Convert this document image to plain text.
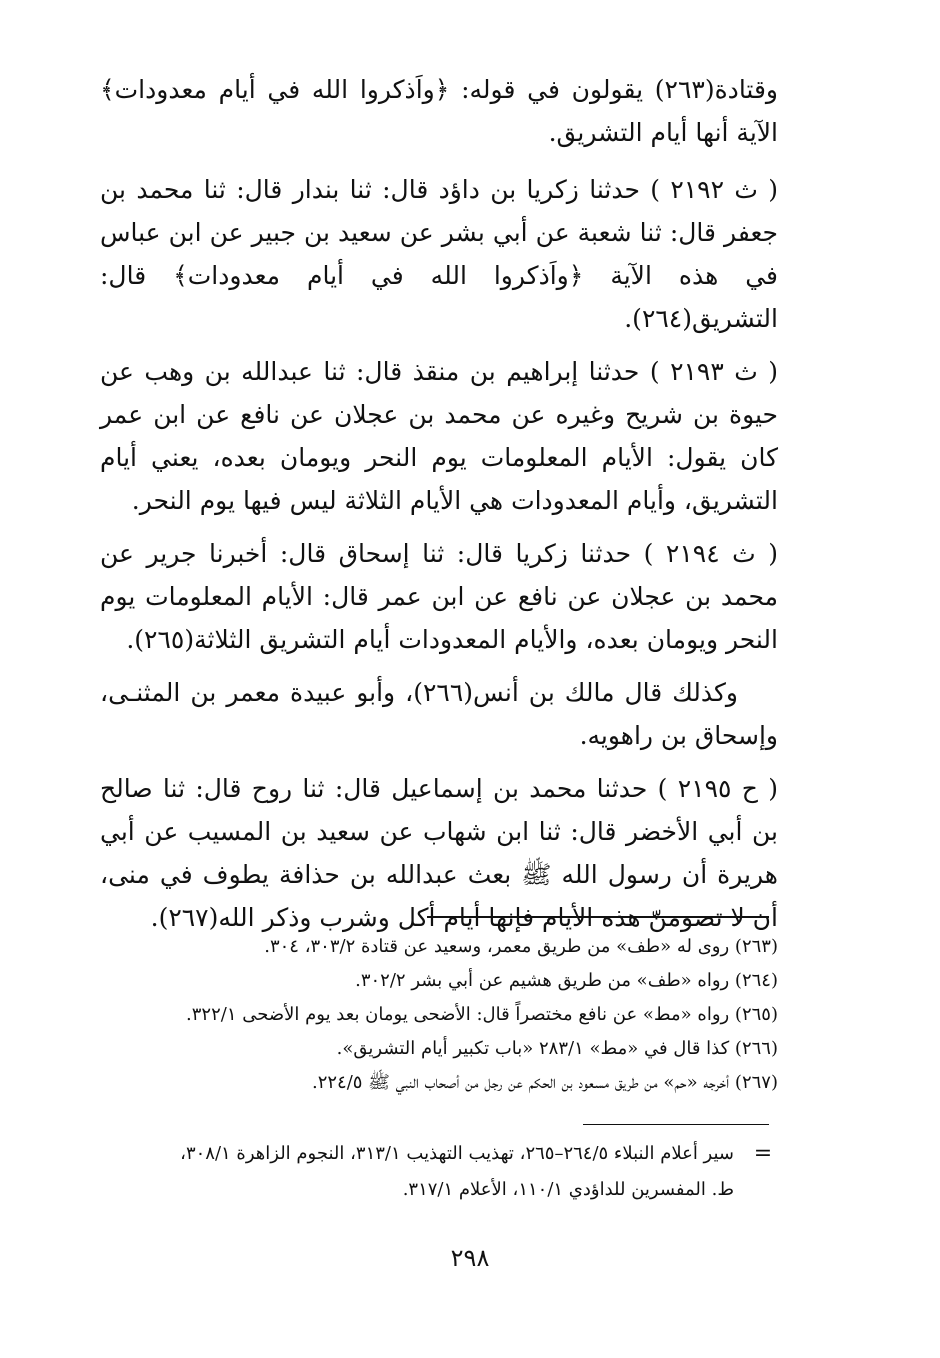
وقتادة(٢٦٣) يقولون في قوله: ﴿واَذكروا الله في أيام معدودات﴾ الآية أنها أيام التشريق.

( ث ٢١٩٢ ) حدثنا زكريا بن داؤد قال: ثنا بندار قال: ثنا محمد بن جعفر قال: ثنا شعبة عن أبي بشر عن سعيد بن جبير عن ابن عباس في هذه الآية ﴿واَذكروا الله في أيام معدودات﴾ قال: التشريق(٢٦٤).

( ث ٢١٩٣ ) حدثنا إبراهيم بن منقذ قال: ثنا عبدالله بن وهب عن حيوة بن شريح وغيره عن محمد بن عجلان عن نافع عن ابن عمر كان يقول: الأيام المعلومات يوم النحر ويومان بعده، يعني أيام التشريق، وأيام المعدودات هي الأيام الثلاثة ليس فيها يوم النحر.

( ث ٢١٩٤ ) حدثنا زكريا قال: ثنا إسحاق قال: أخبرنا جرير عن محمد بن عجلان عن نافع عن ابن عمر قال: الأيام المعلومات يوم النحر ويومان بعده، والأيام المعدودات أيام التشريق الثلاثة(٢٦٥).

وكذلك قال مالك بن أنس(٢٦٦)، وأبو عبيدة معمر بن المثنـى، وإسحاق بن راهويه.

( ح ٢١٩٥ ) حدثنا محمد بن إسماعيل قال: ثنا روح قال: ثنا صالح بن أبي الأخضر قال: ثنا ابن شهاب عن سعيد بن المسيب عن أبي هريرة أن رسول الله ﷺ بعث عبدالله بن حذافة يطوف في منى، أن لا تصومنّ هذه الأيام فإنها أيام أكل وشرب وذكر الله(٢٦٧).

(٢٦٣) روى له «طف» من طريق معمر، وسعيد عن قتادة ٣٠٣/٢، ٣٠٤.

(٢٦٤) رواه «طف» من طريق هشيم عن أبي بشر ٣٠٢/٢.

(٢٦٥) رواه «مط» عن نافع مختصراً قال: الأضحى يومان بعد يوم الأضحى ٣٢٢/١.

(٢٦٦) كذا قال في «مط» ٢٨٣/١ «باب تكبير أيام التشريق».

(٢٦٧) أخرجه «حم» من طريق مسعود بن الحكم عن رجل من أصحاب النبي ﷺ ٢٢٤/٥.

=
سير أعلام النبلاء ٢٦٤/٥–٢٦٥، تهذيب التهذيب ٣١٣/١، النجوم الزاهرة ٣٠٨/١،
ط. المفسرين للداؤدي ١١٠/١، الأعلام ٣١٧/١.
٢٩٨
